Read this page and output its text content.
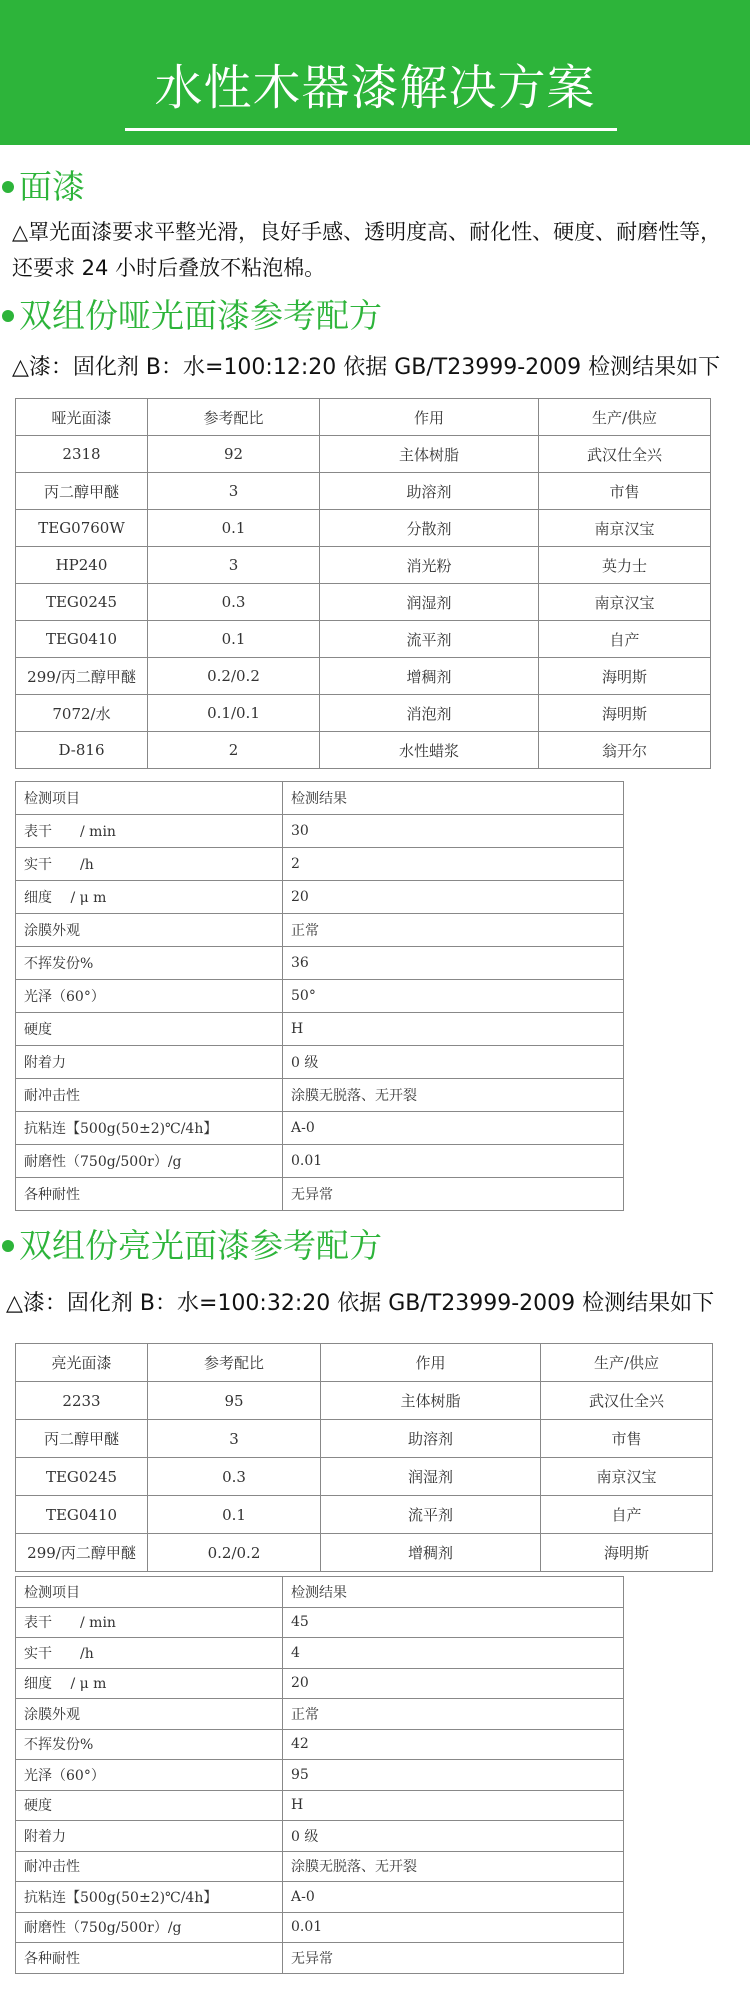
水性木器漆解决方案
面漆
△罩光面漆要求平整光滑，良好手感、透明度高、耐化性、硬度、耐磨性等，还要求 24 小时后叠放不粘泡棉。
双组份哑光面漆参考配方
△漆：固化剂 B：水=100:12:20 依据 GB/T23999-2009 检测结果如下
哑光面漆	参考配比	作用	生产/供应
2318	92	主体树脂	武汉仕全兴
丙二醇甲醚	3	助溶剂	市售
TEG0760W	0.1	分散剂	南京汉宝
HP240	3	消光粉	英力士
TEG0245	0.3	润湿剂	南京汉宝
TEG0410	0.1	流平剂	自产
299/丙二醇甲醚	0.2/0.2	增稠剂	海明斯
7072/水	0.1/0.1	消泡剂	海明斯
D-816	2	水性蜡浆	翁开尔
检测项目	检测结果
表干　　/ min	30
实干　　/h	2
细度　 / μ m	20
涂膜外观	正常
不挥发份%	36
光泽（60°）	50°
硬度	H
附着力	0 级
耐冲击性	涂膜无脱落、无开裂
抗粘连【500g(50±2)℃/4h】	A-0
耐磨性（750g/500r）/g	0.01
各种耐性	无异常
双组份亮光面漆参考配方
△漆：固化剂 B：水=100:32:20 依据 GB/T23999-2009 检测结果如下
亮光面漆	参考配比	作用	生产/供应
2233	95	主体树脂	武汉仕全兴
丙二醇甲醚	3	助溶剂	市售
TEG0245	0.3	润湿剂	南京汉宝
TEG0410	0.1	流平剂	自产
299/丙二醇甲醚	0.2/0.2	增稠剂	海明斯
检测项目	检测结果
表干　　/ min	45
实干　　/h	4
细度　 / μ m	20
涂膜外观	正常
不挥发份%	42
光泽（60°）	95
硬度	H
附着力	0 级
耐冲击性	涂膜无脱落、无开裂
抗粘连【500g(50±2)℃/4h】	A-0
耐磨性（750g/500r）/g	0.01
各种耐性	无异常
